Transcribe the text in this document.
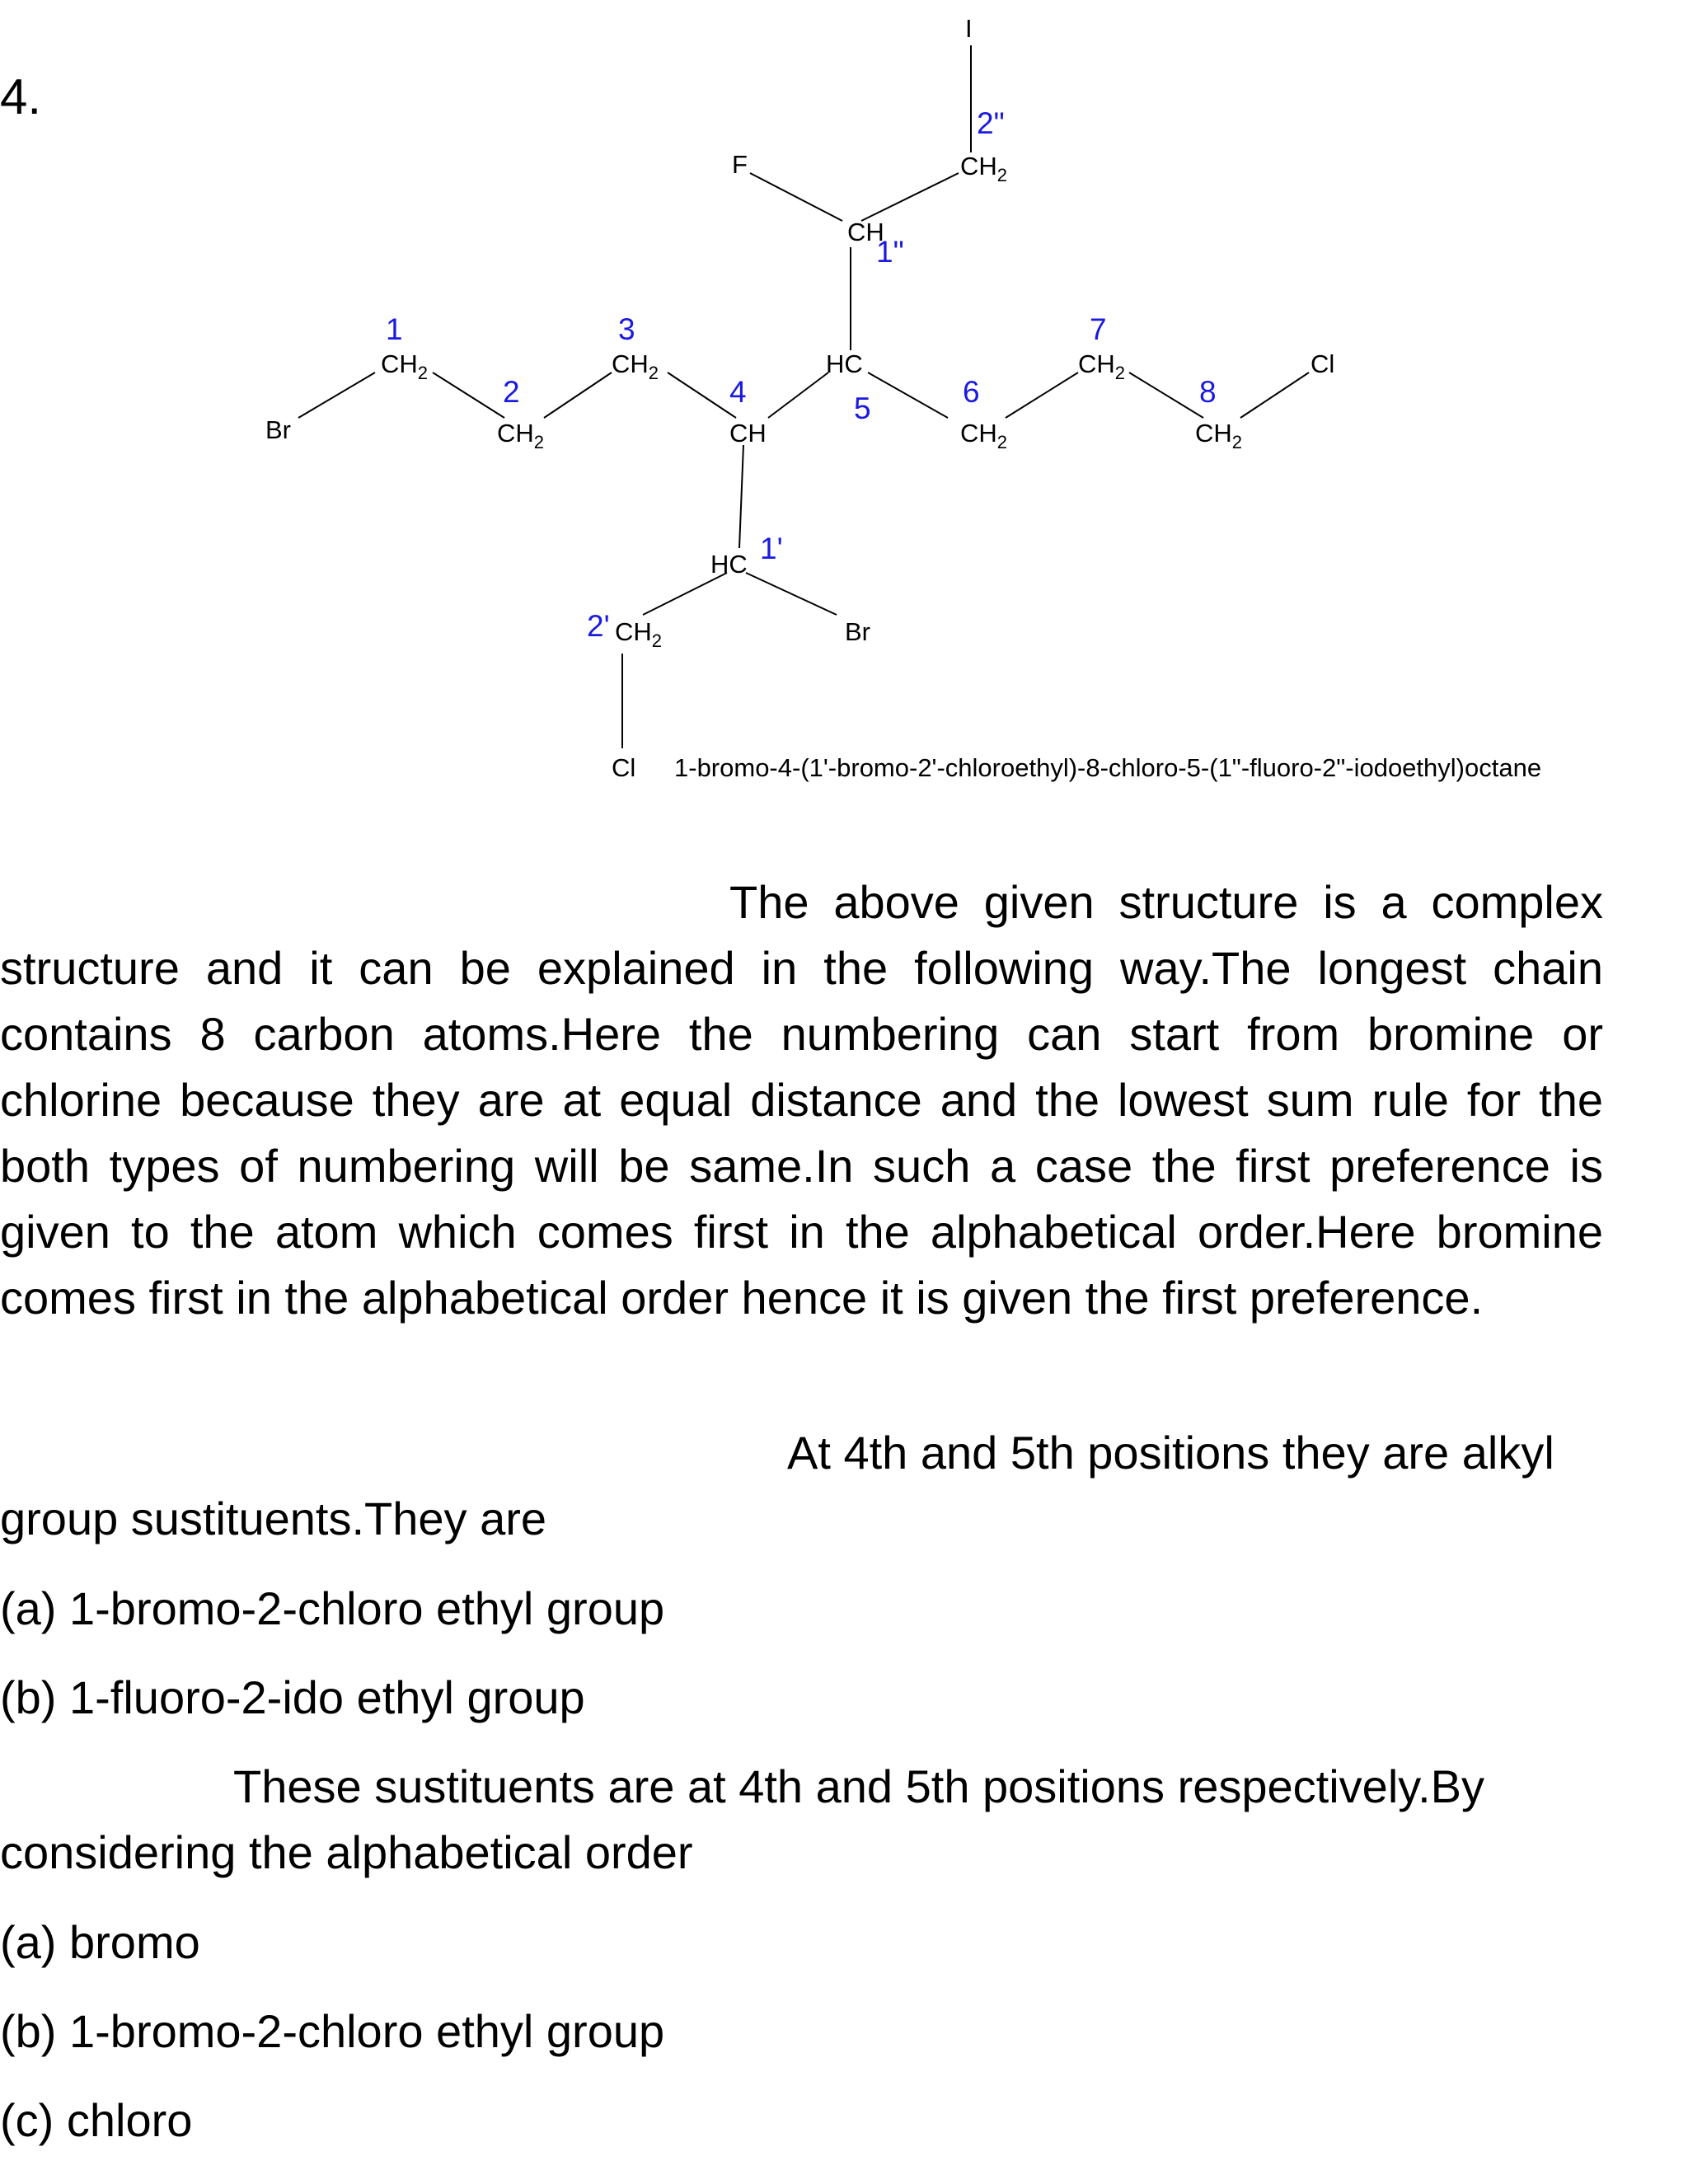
4.
Br
$CH_2$
$CH_2$
$CH_2$
CH
HC
$CH_2$
$CH_2$
$CH_2$
Cl
HC
Br
$CH_2$
Cl
CH
F	$CH_2$
I
1
2
3
4	5	6
7
8
1'
2'
1"
2"
1-bromo-4-(1'-bromo-2'-chloroethyl)-8-chloro-5-(1"-fluoro-2"-iodoethyl)octane

The above given structure is a complex structure and it can be explained in the following way.The longest chain contains 8 carbon atoms.Here the numbering can start from bromine or chlorine because they are at equal distance and the lowest sum rule for the both types of numbering will be same.In such a case the first preference is given to the atom which comes first in the alphabetical order.Here bromine comes first in the alphabetical order hence it is given the first preference.

At 4th and 5th positions they are alkyl group sustituents.They are

(a) 1-bromo-2-chloro ethyl group
(b) 1-fluoro-2-ido ethyl group

These sustituents are at 4th and 5th positions respectively.By considering the alphabetical order

(a) bromo
(b) 1-bromo-2-chloro ethyl group
(c) chloro
